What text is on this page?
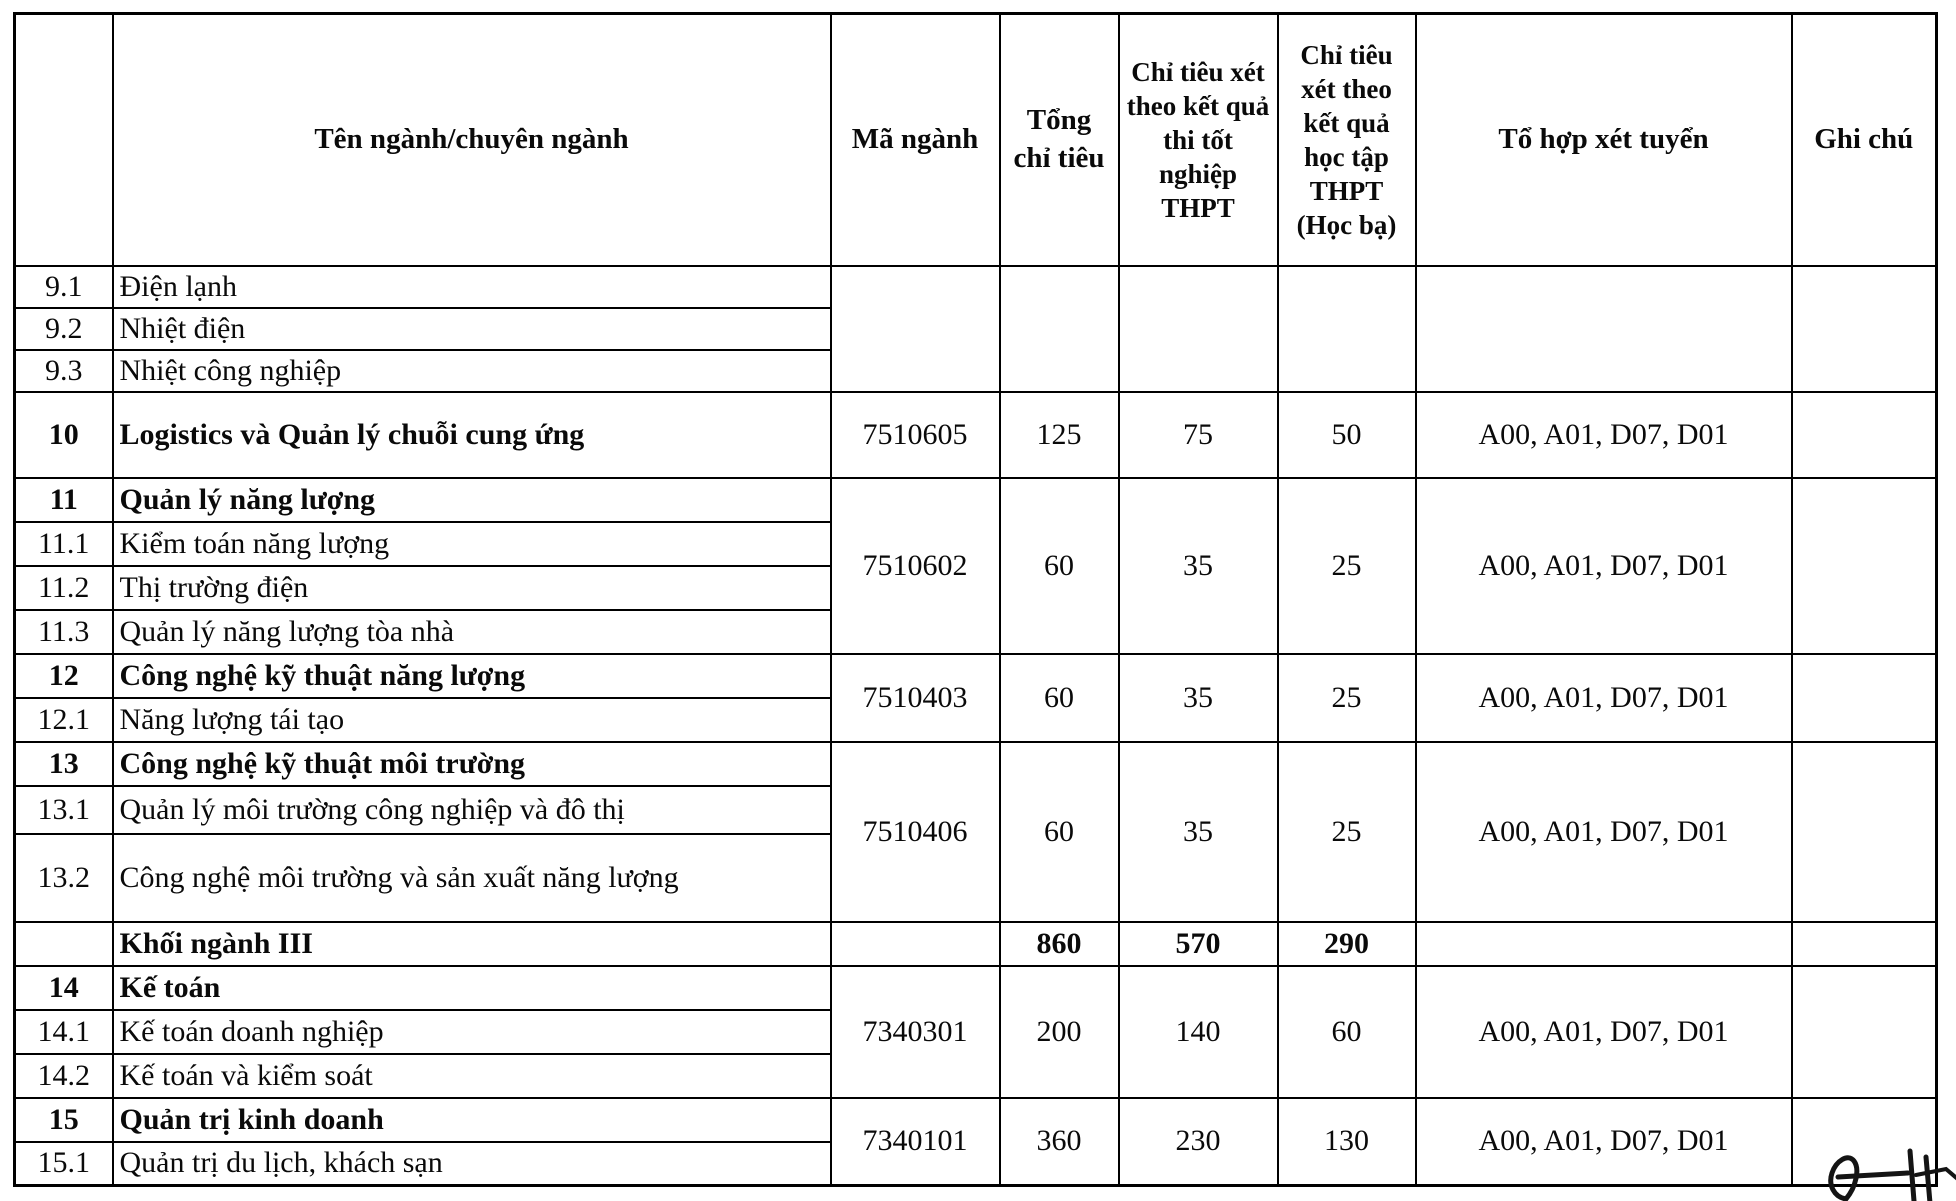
	Tên ngành/chuyên ngành	Mã ngành	Tổng chỉ tiêu	Chỉ tiêu xét theo kết quả thi tốt nghiệp THPT	Chỉ tiêu xét theo kết quả học tập THPT (Học bạ)	Tổ hợp xét tuyển	Ghi chú
9.1	Điện lạnh						
9.2	Nhiệt điện						
9.3	Nhiệt công nghiệp						
10	Logistics và Quản lý chuỗi cung ứng	7510605	125	75	50	A00, A01, D07, D01	
11	Quản lý năng lượng	7510602	60	35	25	A00, A01, D07, D01	
11.1	Kiểm toán năng lượng						
11.2	Thị trường điện						
11.3	Quản lý năng lượng tòa nhà						
12	Công nghệ kỹ thuật năng lượng	7510403	60	35	25	A00, A01, D07, D01	
12.1	Năng lượng tái tạo						
13	Công nghệ kỹ thuật môi trường	7510406	60	35	25	A00, A01, D07, D01	
13.1	Quản lý môi trường công nghiệp và đô thị						
13.2	Công nghệ môi trường và sản xuất năng lượng						
	Khối ngành III		860	570	290		
14	Kế toán	7340301	200	140	60	A00, A01, D07, D01	
14.1	Kế toán doanh nghiệp						
14.2	Kế toán và kiểm soát						
15	Quản trị kinh doanh	7340101	360	230	130	A00, A01, D07, D01	
15.1	Quản trị du lịch, khách sạn						
